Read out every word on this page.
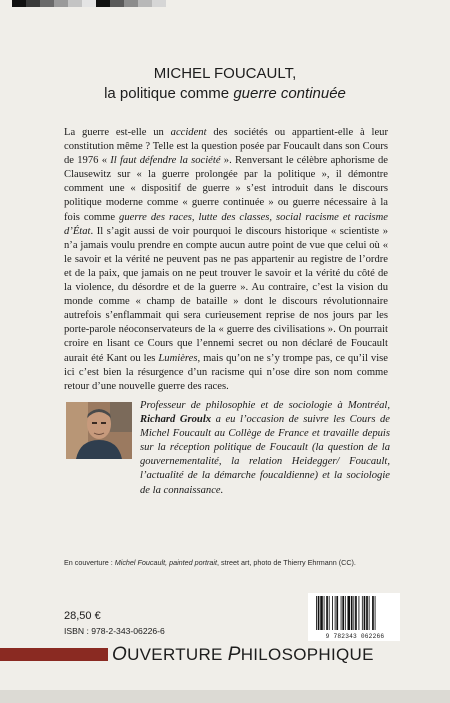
MICHEL FOUCAULT,
la politique comme guerre continuée

La guerre est-elle un accident des sociétés ou appartient-elle à leur constitution même ? Telle est la question posée par Foucault dans son Cours de 1976 « Il faut défendre la société ». Renversant le célèbre aphorisme de Clausewitz sur « la guerre prolongée par la politique », il démontre comment une « dispositif de guerre » s’est introduit dans le discours politique moderne comme « guerre continuée » ou guerre nécessaire à la fois comme guerre des races, lutte des classes, social racisme et racisme d’État. Il s’agit aussi de voir pourquoi le discours historique « scientiste » n’a jamais voulu prendre en compte aucun autre point de vue que celui où « le savoir et la vérité ne peuvent pas ne pas appartenir au registre de l’ordre et de la paix, que jamais on ne peut trouver le savoir et la vérité du côté de la violence, du désordre et de la guerre ». Au contraire, c’est la vision du monde comme « champ de bataille » dont le discours révolutionnaire autrefois s’enflammait qui sera curieusement reprise de nos jours par les porte-parole néoconservateurs de la « guerre des civilisations ». On pourrait croire en lisant ce Cours que l’ennemi secret ou non déclaré de Foucault aurait été Kant ou les Lumières, mais qu’on ne s’y trompe pas, ce qu’il vise ici c’est bien la résurgence d’un racisme qui n’ose dire son nom comme retour d’une nouvelle guerre des races.

Professeur de philosophie et de sociologie à Montréal, Richard Groulx a eu l’occasion de suivre les Cours de Michel Foucault au Collège de France et travaille depuis sur la réception politique de Foucault (la question de la gouvernementalité, la relation Heidegger/ Foucault, l’actualité de la démarche foucaldienne) et la sociologie de la connaissance.

En couverture : Michel Foucault, painted portrait, street art, photo de Thierry Ehrmann (CC).
28,50 €
ISBN : 978-2-343-06226-6
9 782343 062266
OUVERTURE PHILOSOPHIQUE
